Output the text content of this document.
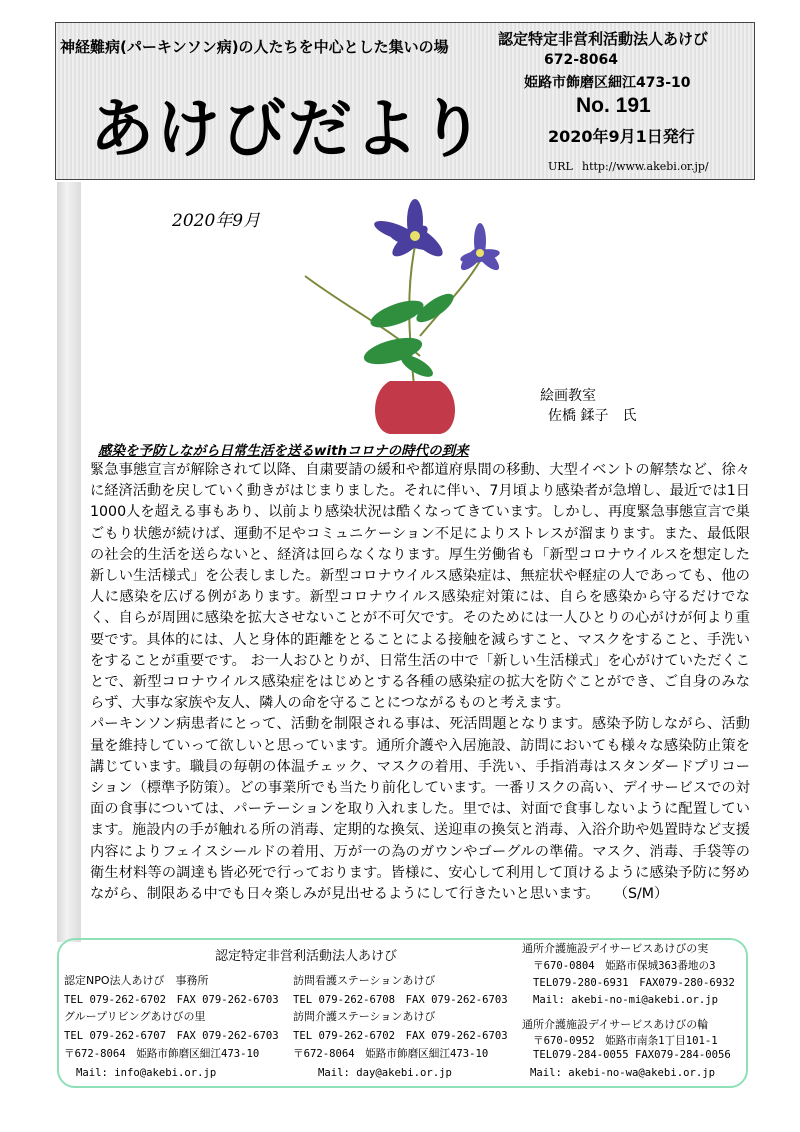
神経難病(パーキンソン病)の人たちを中心とした集いの場
あけびだより
認定特定非営利活動法人あけび
672-8064
姫路市飾磨区細江473-10
No. 191
2020年9月1日発行
URL http://www.akebi.or.jp/
2020年9月
絵画教室
佐橋 鍒子　氏
感染を予防しながら日常生活を送るwithコロナの時代の到来

緊急事態宣言が解除されて以降、自粛要請の緩和や都道府県間の移動、大型イベントの解禁など、徐々に経済活動を戻していく動きがはじまりました。それに伴い、7月頃より感染者が急増し、最近では1日1000人を超える事もあり、以前より感染状況は酷くなってきています。しかし、再度緊急事態宣言で巣ごもり状態が続けば、運動不足やコミュニケーション不足によりストレスが溜まります。また、最低限の社会的生活を送らないと、経済は回らなくなります。厚生労働省も「新型コロナウイルスを想定した新しい生活様式」を公表しました。新型コロナウイルス感染症は、無症状や軽症の人であっても、他の人に感染を広げる例があります。新型コロナウイルス感染症対策には、自らを感染から守るだけでなく、自らが周囲に感染を拡大させないことが不可欠です。そのためには一人ひとりの心がけが何より重要です。具体的には、人と身体的距離をとることによる接触を減らすこと、マスクをすること、手洗いをすることが重要です。 お一人おひとりが、日常生活の中で「新しい生活様式」を心がけていただくことで、新型コロナウイルス感染症をはじめとする各種の感染症の拡大を防ぐことができ、ご自身のみならず、大事な家族や友人、隣人の命を守ることにつながるものと考えます。

パーキンソン病患者にとって、活動を制限される事は、死活問題となります。感染予防しながら、活動量を維持していって欲しいと思っています。通所介護や入居施設、訪問においても様々な感染防止策を講じています。職員の毎朝の体温チェック、マスクの着用、手洗い、手指消毒はスタンダードプリコーション（標準予防策）。どの事業所でも当たり前化しています。一番リスクの高い、デイサービスでの対面の食事については、パーテーションを取り入れました。里では、対面で食事しないように配置しています。施設内の手が触れる所の消毒、定期的な換気、送迎車の換気と消毒、入浴介助や処置時など支援内容によりフェイスシールドの着用、万が一の為のガウンやゴーグルの準備。マスク、消毒、手袋等の衛生材料等の調達も皆必死で行っております。皆様に、安心して利用して頂けるように感染予防に努めながら、制限ある中でも日々楽しみが見出せるようにして行きたいと思います。　　（S/M）

認定特定非営利活動法人あけび
認定NPO法人あけび　事務所
TEL 079-262-6702　FAX 079-262-6703
グループリビングあけびの里
TEL 079-262-6707　FAX 079-262-6703
〒672-8064　姫路市飾磨区細江473-10
Mail: info@akebi.or.jp
訪問看護ステーションあけび
TEL 079-262-6708　FAX 079-262-6703
訪問介護ステーションあけび
TEL 079-262-6702　FAX 079-262-6703
〒672-8064　姫路市飾磨区細江473-10
Mail: day@akebi.or.jp
通所介護施設デイサービスあけびの実
〒670-0804　姫路市保城363番地の3
TEL079-280-6931　FAX079-280-6932
Mail: akebi-no-mi@akebi.or.jp
通所介護施設デイサービスあけびの輪
〒670-0952　姫路市南条1丁目101-1
TEL079-284-0055 FAX079-284-0056
Mail: akebi-no-wa@akebi.or.jp
